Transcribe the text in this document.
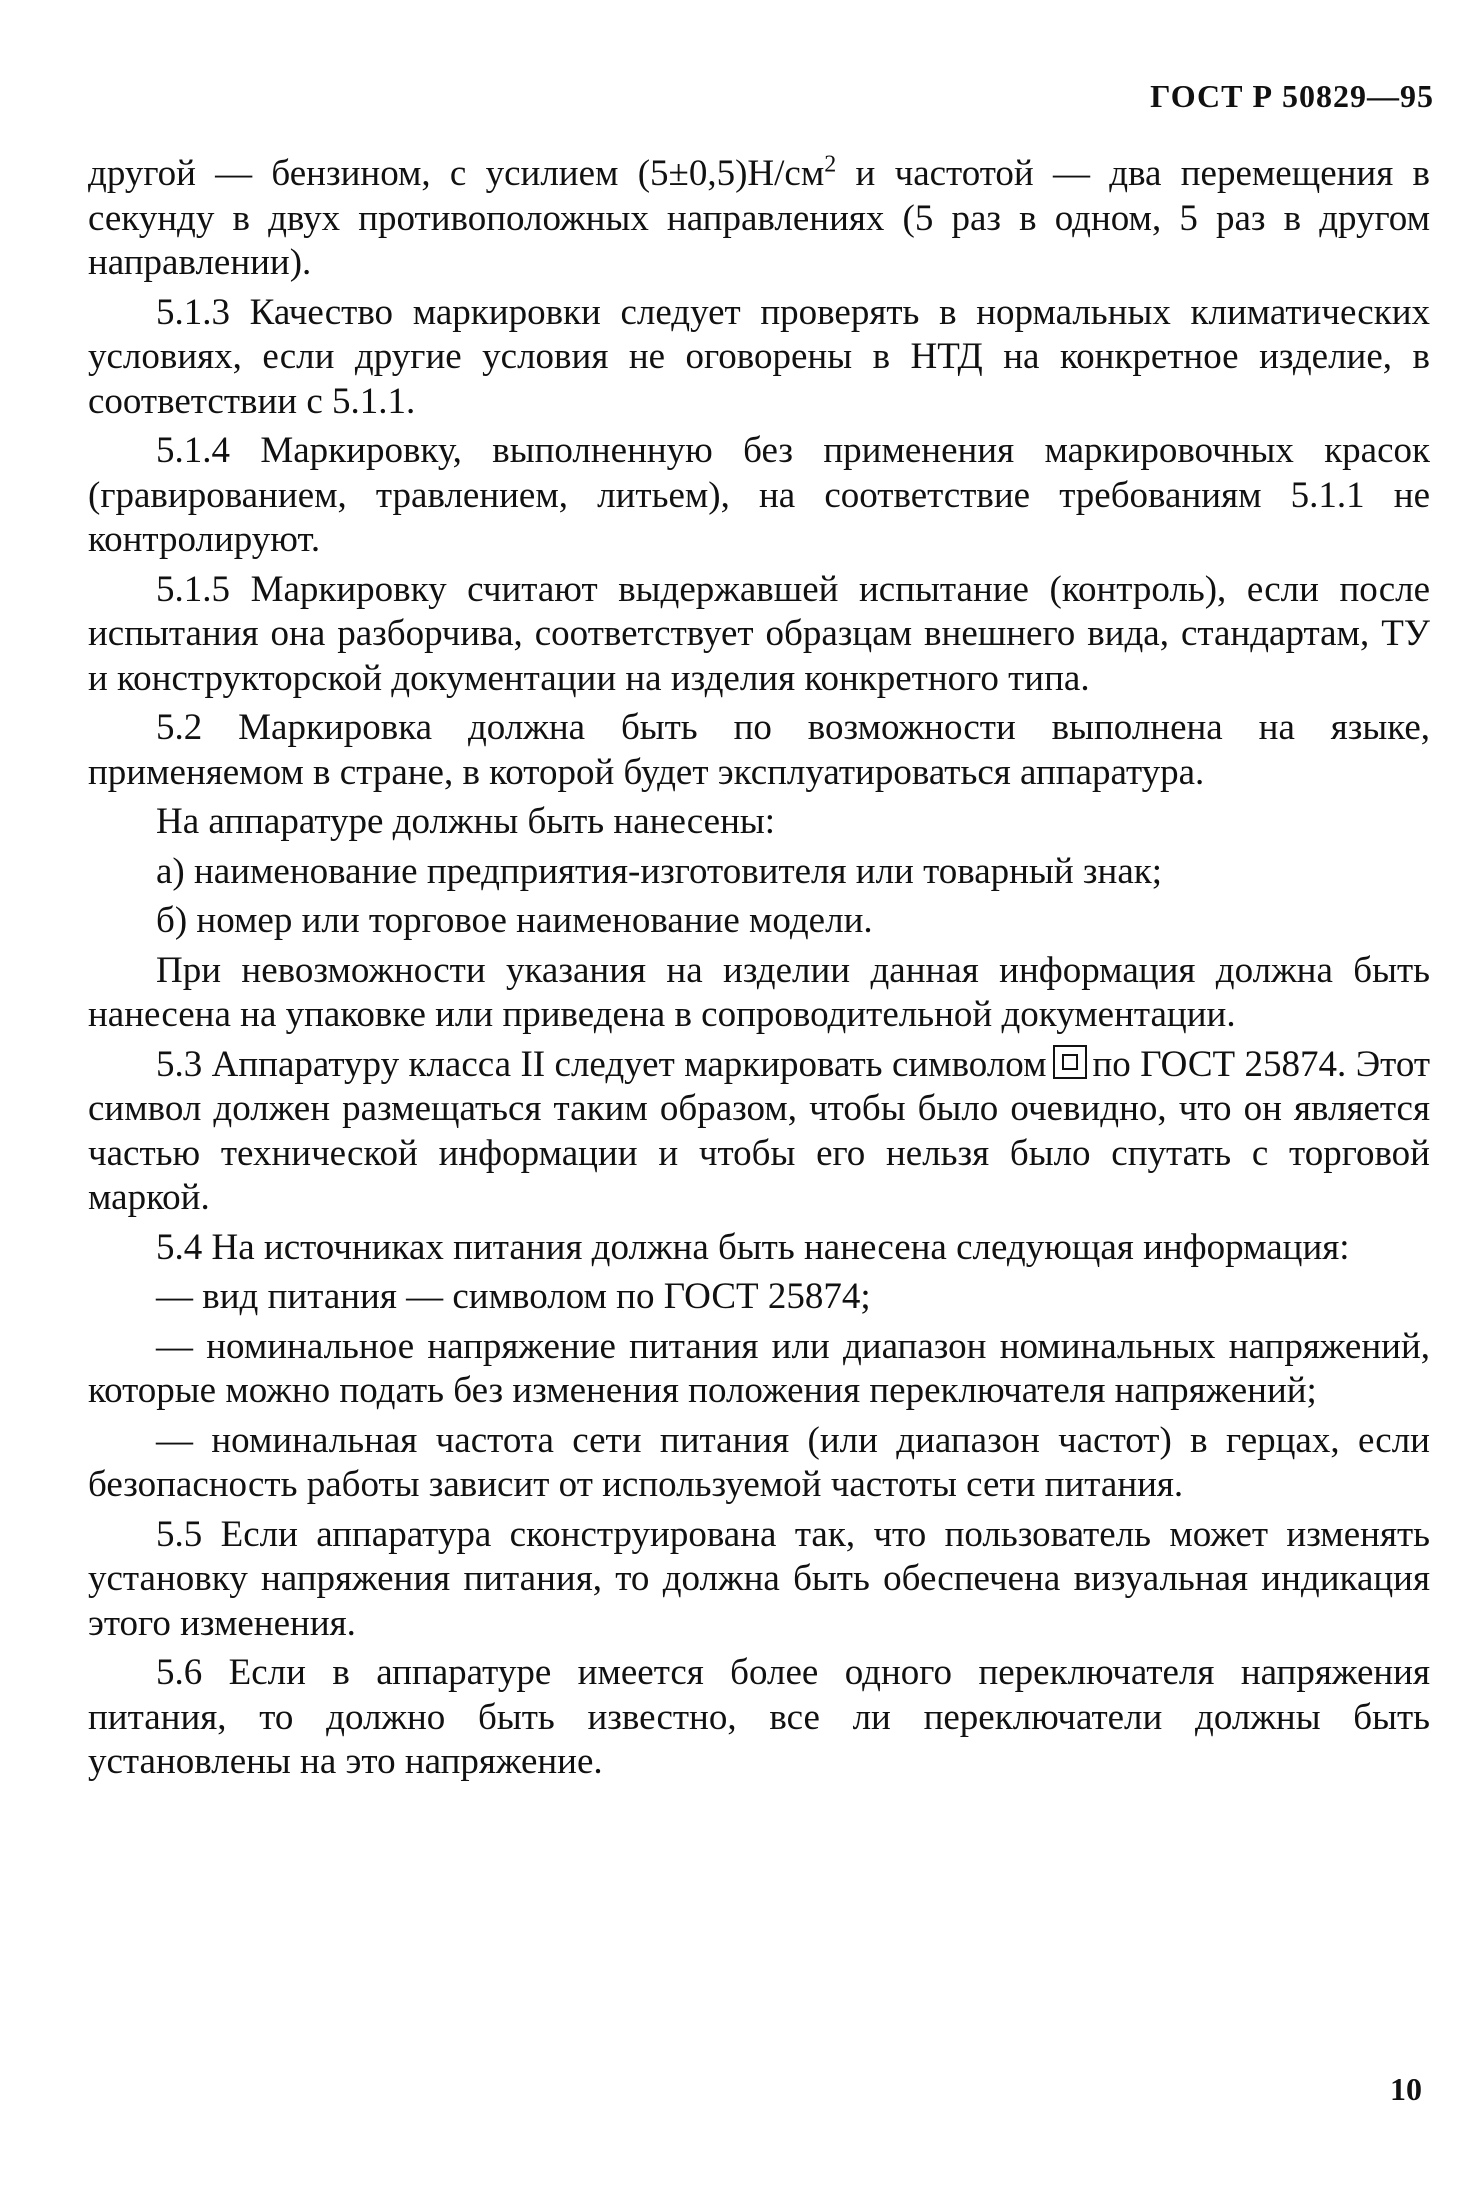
ГОСТ Р 50829—95

другой — бензином, с усилием $(5\pm 0,5)Н/см^2$ и частотой — два перемещения в секунду в двух противоположных направлениях (5 раз в одном, 5 раз в другом направлении).

5.1.3 Качество маркировки следует проверять в нормальных климатических условиях, если другие условия не оговорены в НТД на конкретное изделие, в соответствии с 5.1.1.

5.1.4 Маркировку, выполненную без применения маркировочных красок (гравированием, травлением, литьем), на соответствие требованиям 5.1.1 не контролируют.

5.1.5 Маркировку считают выдержавшей испытание (контроль), если после испытания она разборчива, соответствует образцам внешнего вида, стандартам, ТУ и конструкторской документации на изделия конкретного типа.

5.2 Маркировка должна быть по возможности выполнена на языке, применяемом в стране, в которой будет эксплуатироваться аппаратура.

На аппаратуре должны быть нанесены:

а) наименование предприятия-изготовителя или товарный знак;

б) номер или торговое наименование модели.

При невозможности указания на изделии данная информация должна быть нанесена на упаковке или приведена в сопроводительной документации.

5.3 Аппаратуру класса II следует маркировать символом по ГОСТ 25874. Этот символ должен размещаться таким образом, чтобы было очевидно, что он является частью технической информации и чтобы его нельзя было спутать с торговой маркой.

5.4 На источниках питания должна быть нанесена следующая информация:

— вид питания — символом по ГОСТ 25874;

— номинальное напряжение питания или диапазон номинальных напряжений, которые можно подать без изменения положения переключателя напряжений;

— номинальная частота сети питания (или диапазон частот) в герцах, если безопасность работы зависит от используемой частоты сети питания.

5.5 Если аппаратура сконструирована так, что пользователь может изменять установку напряжения питания, то должна быть обеспечена визуальная индикация этого изменения.

5.6 Если в аппаратуре имеется более одного переключателя напряжения питания, то должно быть известно, все ли переключатели должны быть установлены на это напряжение.

10
